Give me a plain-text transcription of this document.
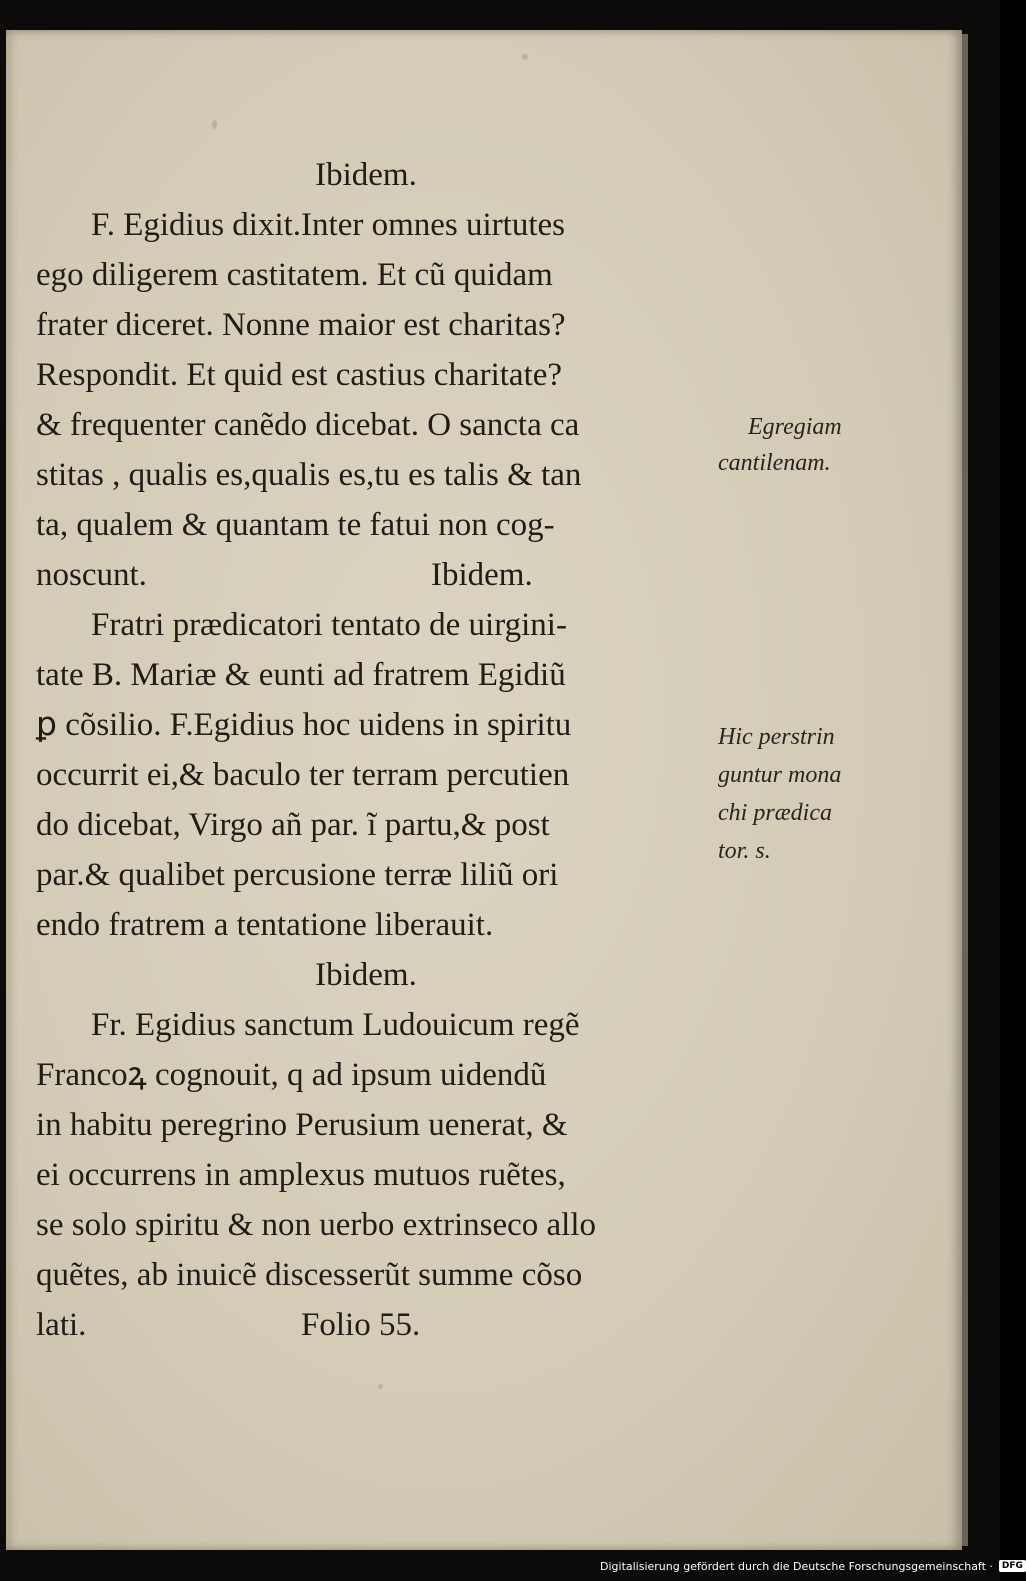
Ibidem.
F. Egidius dixit.Inter omnes uirtutes
ego diligerem castitatem. Et cũ quidam
frater diceret. Nonne maior est charitas?
Respondit. Et quid est castius charitate?
& frequenter canẽdo dicebat. O sancta ca
stitas , qualis es,qualis es,tu es talis & tan
ta, qualem & quantam te fatui non cog-
noscunt.	Ibidem.
Fratri prædicatori tentato de uirgini-
tate B. Mariæ & eunti ad fratrem Egidiũ
ꝑ cõsilio. F.Egidius hoc uidens in spiritu
occurrit ei,& baculo ter terram percutien
do dicebat, Virgo añ par. ĩ partu,& post
par.& qualibet percusione terræ liliũ ori
endo fratrem a tentatione liberauit.
Ibidem.
Fr. Egidius sanctum Ludouicum regẽ
Francoꝝ cognouit, q ad ipsum uidendũ
in habitu peregrino Perusium uenerat, &
ei occurrens in amplexus mutuos ruẽtes,
se solo spiritu & non uerbo extrinseco allo
quẽtes, ab inuicẽ discesserũt summe cõso
lati.	Folio 55.
Egregiam
cantilenam.
Hic perstrin
guntur mona
chi prædica
tor. s.
Digitalisierung gefördert durch die Deutsche Forschungsgemeinschaft ·	DFG
